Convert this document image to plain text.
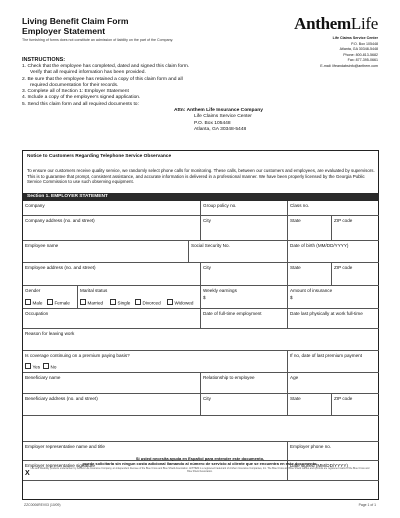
Living Benefit Claim Form
Employer Statement
The furnishing of forms does not constitute an admission of liability on the part of the Company.
AnthemLife
Life Claims Service Center
P.O. Box 105448
Atlanta, GA 30348-5448
Phone: 800-813-5682
Fax: 877-395-0661
E-mail: lifeandabsinfo@anthem.com
INSTRUCTIONS:
1. Check that the employee has completed, dated and signed this claim form.
Verify that all required information has been provided.
2. Be sure that the employee has retained a copy of this claim form and all
required documentation for their records.
3. Complete all of Section 1: Employer Statement
4. Include a copy of the employee's signed application.
5. Send this claim form and all required documents to:
Attn: Anthem Life Insurance Company
Life Claims Service Center
P.O. Box 105448
Atlanta, GA 30348-5448
Notice to Customers Regarding Telephone Service Observance
To ensure our customers receive quality service, we randomly select phone calls for monitoring. These calls, between our customers and employees, are evaluated by supervisors. This is to guarantee that prompt, consistent assistance, and accurate information is delivered in a professional manner. We have been properly licensed by the Georgia Public Service Commission to use such observing equipment.
Section 1. EMPLOYER STATEMENT
Company	Group policy no.	Class no.
Company address (no. and street)	City	State	ZIP code
Employee name	Social Security No.	Date of birth (MM/DD/YYYY)
Employee address (no. and street)	City	State	ZIP code
Gender
Male	Female
Marital status
Married	Single	Divorced	Widowed
Weekly earnings
$
Amount of insurance
$
Occupation	Date of full-time employment	Date last physically at work full-time
Reason for leaving work
Is coverage continuing on a premium paying basis?
Yes	No
If no, date of last premium payment
Beneficiary name	Relationship to employee	Age
Beneficiary address (no. and street)	City	State	ZIP code
Employer representative name and title	Employer phone no.
Employer representative signature
X
Date signed (MM/DD/YYYY)
Si usted necesita ayuda en Español para entender este documento,
puede solicitarla sin ningun costo adicional llamando al número de servicio al cliente que se encuentra en este documento.
Life and Disability products underwritten by Anthem Life Insurance Company, an independent licensee of the Blue Cross and Blue Shield Association. ANTHEM is a registered trademark of Anthem Insurance Companies, Inc. The Blue Cross and Blue Shield names and symbols are registered marks of the Blue Cross and Blue Shield Association.
ZZC0006REV03 (10/09)	Page 1 of 1
